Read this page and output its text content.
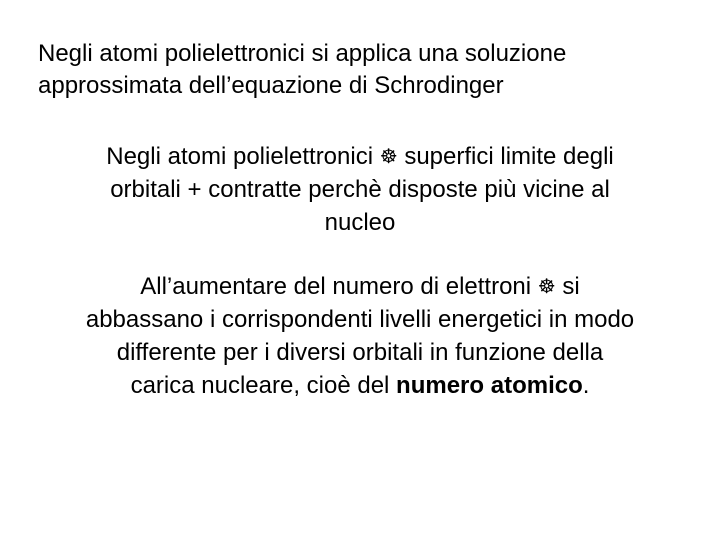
Negli atomi polielettronici si applica una soluzione
approssimata dell’equazione di Schrodinger
Negli atomi polielettronici ☸ superfici limite degli
orbitali + contratte perchè disposte più vicine al
nucleo
All’aumentare del numero di elettroni ☸ si
abbassano i corrispondenti livelli energetici in modo
differente per i diversi orbitali in funzione della
carica nucleare, cioè del numero atomico.
